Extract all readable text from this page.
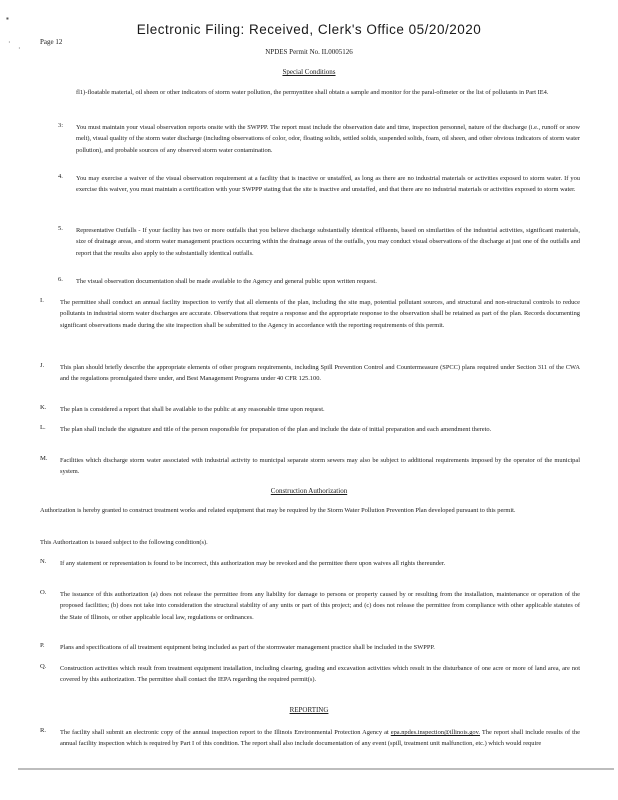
▪
·
·
Electronic Filing: Received, Clerk's Office 05/20/2020
Page 12
NPDES Permit No. IL0005126
Special Conditions
fl1)-floatable material, oil sheen or other indicators of storm water pollution, the permyntitee shall obtain a sample and monitor for the paral-ofimeter or the list of pollutants in Part IE4.
3: You must maintain your visual observation reports onsite with the SWPPP. The report must include the observation date and time, inspection personnel, nature of the discharge (i.e., runoff or snow melt), visual quality of the storm water discharge (including observations of color, odor, floating solids, settled solids, suspended solids, foam, oil sheen, and other obvious indicators of storm water pollution), and probable sources of any observed storm water contamination.
4. You may exercise a waiver of the visual observation requirement at a facility that is inactive or unstaffed, as long as there are no industrial materials or activities exposed to storm water. If you exercise this waiver, you must maintain a certification with your SWPPP stating that the site is inactive and unstaffed, and that there are no industrial materials or activities exposed to storm water.
5. Representative Outfalls - If your facility has two or more outfalls that you believe discharge substantially identical effluents, based on similarities of the industrial activities, significant materials, size of drainage areas, and storm water management practices occurring within the drainage areas of the outfalls, you may conduct visual observations of the discharge at just one of the outfalls and report that the results also apply to the substantially identical outfalls.
6. The visual observation documentation shall be made available to the Agency and general public upon written request.
I.	The permittee shall conduct an annual facility inspection to verify that all elements of the plan, including the site map, potential pollutant sources, and structural and non-structural controls to reduce pollutants in industrial storm water discharges are accurate. Observations that require a response and the appropriate response to the observation shall be retained as part of the plan. Records documenting significant observations made during the site inspection shall be submitted to the Agency in accordance with the reporting requirements of this permit.
J. This plan should briefly describe the appropriate elements of other program requirements, including Spill Prevention Control and Countermeasure (SPCC) plans required under Section 311 of the CWA and the regulations promulgated there under, and Best Management Programs under 40 CFR 125.100.
K. The plan is considered a report that shall be available to the public at any reasonable time upon request.
L. The plan shall include the signature and title of the person responsible for preparation of the plan and include the date of initial preparation and each amendment thereto.
M. Facilities which discharge storm water associated with industrial activity to municipal separate storm sewers may also be subject to additional requirements imposed by the operator of the municipal system.
Construction Authorization
Authorization is hereby granted to construct treatment works and related equipment that may be required by the Storm Water Pollution Prevention Plan developed pursuant to this permit.
This Authorization is issued subject to the following condition(s).
N. If any statement or representation is found to be incorrect, this authorization may be revoked and the permittee there upon waives all rights thereunder.
O. The issuance of this authorization (a) does not release the permittee from any liability for damage to persons or property caused by or resulting from the installation, maintenance or operation of the proposed facilities; (b) does not take into consideration the structural stability of any units or part of this project; and (c) does not release the permittee from compliance with other applicable statutes of the State of Illinois, or other applicable local law, regulations or ordinances.
P. Plans and specifications of all treatment equipment being included as part of the stormwater management practice shall be included in the SWPPP.
Q. Construction activities which result from treatment equipment installation, including clearing, grading and excavation activities which result in the disturbance of one acre or more of land area, are not covered by this authorization. The permittee shall contact the IEPA regarding the required permit(s).
REPORTING
R. The facility shall submit an electronic copy of the annual inspection report to the Illinois Environmental Protection Agency at epa.npdes.inspection@illinois.gov. The report shall include results of the annual facility inspection which is required by Part I of this condition. The report shall also include documentation of any event (spill, treatment unit malfunction, etc.) which would require
